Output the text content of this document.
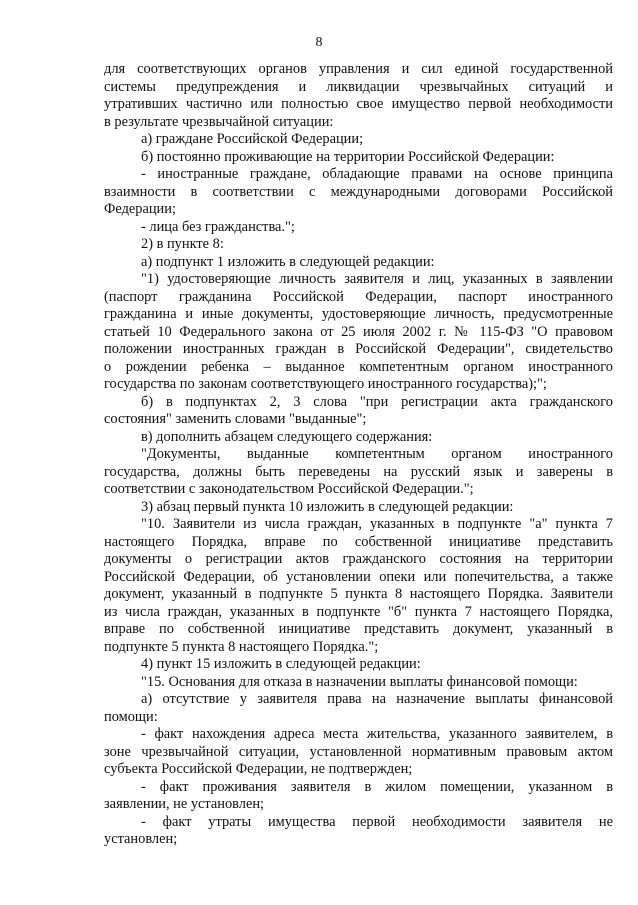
8
для соответствующих органов управления и сил единой государственной
системы предупреждения и ликвидации чрезвычайных ситуаций и
утративших частично или полностью свое имущество первой необходимости
в результате чрезвычайной ситуации:
а) граждане Российской Федерации;
б) постоянно проживающие на территории Российской Федерации:
- иностранные граждане, обладающие правами на основе принципа
взаимности в соответствии с международными договорами Российской
Федерации;
- лица без гражданства.";
2) в пункте 8:
а) подпункт 1 изложить в следующей редакции:
"1) удостоверяющие личность заявителя и лиц, указанных в заявлении
(паспорт гражданина Российской Федерации, паспорт иностранного
гражданина и иные документы, удостоверяющие личность, предусмотренные
статьей 10 Федерального закона от 25 июля 2002 г. № 115-ФЗ "О правовом
положении иностранных граждан в Российской Федерации", свидетельство
о рождении ребенка – выданное компетентным органом иностранного
государства по законам соответствующего иностранного государства);";
б) в подпунктах 2, 3 слова "при регистрации акта гражданского
состояния" заменить словами "выданные";
в) дополнить абзацем следующего содержания:
"Документы, выданные компетентным органом иностранного
государства, должны быть переведены на русский язык и заверены в
соответствии с законодательством Российской Федерации.";
3) абзац первый пункта 10 изложить в следующей редакции:
"10. Заявители из числа граждан, указанных в подпункте "а" пункта 7
настоящего Порядка, вправе по собственной инициативе представить
документы о регистрации актов гражданского состояния на территории
Российской Федерации, об установлении опеки или попечительства, а также
документ, указанный в подпункте 5 пункта 8 настоящего Порядка. Заявители
из числа граждан, указанных в подпункте "б" пункта 7 настоящего Порядка,
вправе по собственной инициативе представить документ, указанный в
подпункте 5 пункта 8 настоящего Порядка.";
4) пункт 15 изложить в следующей редакции:
"15. Основания для отказа в назначении выплаты финансовой помощи:
а) отсутствие у заявителя права на назначение выплаты финансовой
помощи:
- факт нахождения адреса места жительства, указанного заявителем, в
зоне чрезвычайной ситуации, установленной нормативным правовым актом
субъекта Российской Федерации, не подтвержден;
- факт проживания заявителя в жилом помещении, указанном в
заявлении, не установлен;
- факт утраты имущества первой необходимости заявителя не
установлен;
